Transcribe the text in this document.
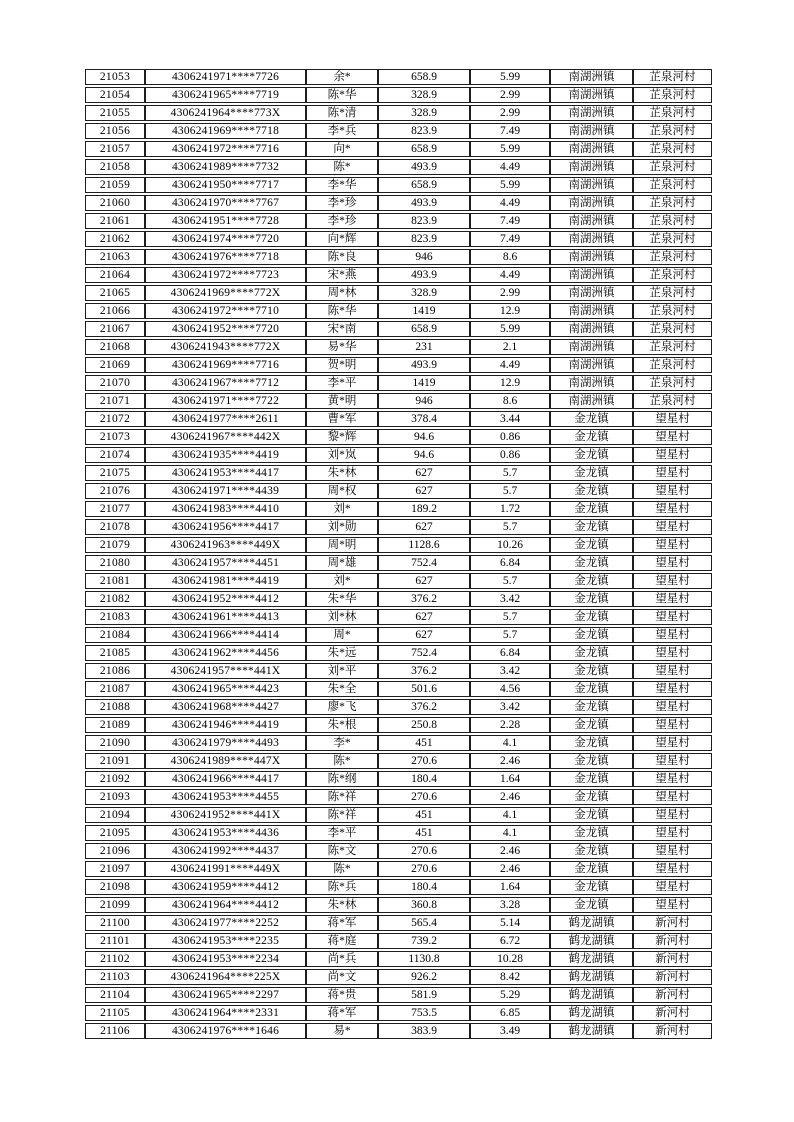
21053	4306241971****7726	余*	658.9	5.99	南湖洲镇	芷泉河村
21054	4306241965****7719	陈*华	328.9	2.99	南湖洲镇	芷泉河村
21055	4306241964****773X	陈*清	328.9	2.99	南湖洲镇	芷泉河村
21056	4306241969****7718	李*兵	823.9	7.49	南湖洲镇	芷泉河村
21057	4306241972****7716	向*	658.9	5.99	南湖洲镇	芷泉河村
21058	4306241989****7732	陈*	493.9	4.49	南湖洲镇	芷泉河村
21059	4306241950****7717	李*华	658.9	5.99	南湖洲镇	芷泉河村
21060	4306241970****7767	李*珍	493.9	4.49	南湖洲镇	芷泉河村
21061	4306241951****7728	李*珍	823.9	7.49	南湖洲镇	芷泉河村
21062	4306241974****7720	向*辉	823.9	7.49	南湖洲镇	芷泉河村
21063	4306241976****7718	陈*良	946	8.6	南湖洲镇	芷泉河村
21064	4306241972****7723	宋*燕	493.9	4.49	南湖洲镇	芷泉河村
21065	4306241969****772X	周*林	328.9	2.99	南湖洲镇	芷泉河村
21066	4306241972****7710	陈*华	1419	12.9	南湖洲镇	芷泉河村
21067	4306241952****7720	宋*南	658.9	5.99	南湖洲镇	芷泉河村
21068	4306241943****772X	易*华	231	2.1	南湖洲镇	芷泉河村
21069	4306241969****7716	贺*明	493.9	4.49	南湖洲镇	芷泉河村
21070	4306241967****7712	李*平	1419	12.9	南湖洲镇	芷泉河村
21071	4306241971****7722	黄*明	946	8.6	南湖洲镇	芷泉河村
21072	4306241977****2611	曹*军	378.4	3.44	金龙镇	望星村
21073	4306241967****442X	黎*辉	94.6	0.86	金龙镇	望星村
21074	4306241935****4419	刘*岚	94.6	0.86	金龙镇	望星村
21075	4306241953****4417	朱*林	627	5.7	金龙镇	望星村
21076	4306241971****4439	周*权	627	5.7	金龙镇	望星村
21077	4306241983****4410	刘*	189.2	1.72	金龙镇	望星村
21078	4306241956****4417	刘*勋	627	5.7	金龙镇	望星村
21079	4306241963****449X	周*明	1128.6	10.26	金龙镇	望星村
21080	4306241957****4451	周*雄	752.4	6.84	金龙镇	望星村
21081	4306241981****4419	刘*	627	5.7	金龙镇	望星村
21082	4306241952****4412	朱*华	376.2	3.42	金龙镇	望星村
21083	4306241961****4413	刘*林	627	5.7	金龙镇	望星村
21084	4306241966****4414	周*	627	5.7	金龙镇	望星村
21085	4306241962****4456	朱*远	752.4	6.84	金龙镇	望星村
21086	4306241957****441X	刘*平	376.2	3.42	金龙镇	望星村
21087	4306241965****4423	朱*全	501.6	4.56	金龙镇	望星村
21088	4306241968****4427	廖*飞	376.2	3.42	金龙镇	望星村
21089	4306241946****4419	朱*根	250.8	2.28	金龙镇	望星村
21090	4306241979****4493	李*	451	4.1	金龙镇	望星村
21091	4306241989****447X	陈*	270.6	2.46	金龙镇	望星村
21092	4306241966****4417	陈*纲	180.4	1.64	金龙镇	望星村
21093	4306241953****4455	陈*祥	270.6	2.46	金龙镇	望星村
21094	4306241952****441X	陈*祥	451	4.1	金龙镇	望星村
21095	4306241953****4436	李*平	451	4.1	金龙镇	望星村
21096	4306241992****4437	陈*文	270.6	2.46	金龙镇	望星村
21097	4306241991****449X	陈*	270.6	2.46	金龙镇	望星村
21098	4306241959****4412	陈*兵	180.4	1.64	金龙镇	望星村
21099	4306241964****4412	朱*林	360.8	3.28	金龙镇	望星村
21100	4306241977****2252	蒋*军	565.4	5.14	鹤龙湖镇	新河村
21101	4306241953****2235	蒋*庭	739.2	6.72	鹤龙湖镇	新河村
21102	4306241953****2234	尚*兵	1130.8	10.28	鹤龙湖镇	新河村
21103	4306241964****225X	尚*文	926.2	8.42	鹤龙湖镇	新河村
21104	4306241965****2297	蒋*贵	581.9	5.29	鹤龙湖镇	新河村
21105	4306241964****2331	蒋*军	753.5	6.85	鹤龙湖镇	新河村
21106	4306241976****1646	易*	383.9	3.49	鹤龙湖镇	新河村
